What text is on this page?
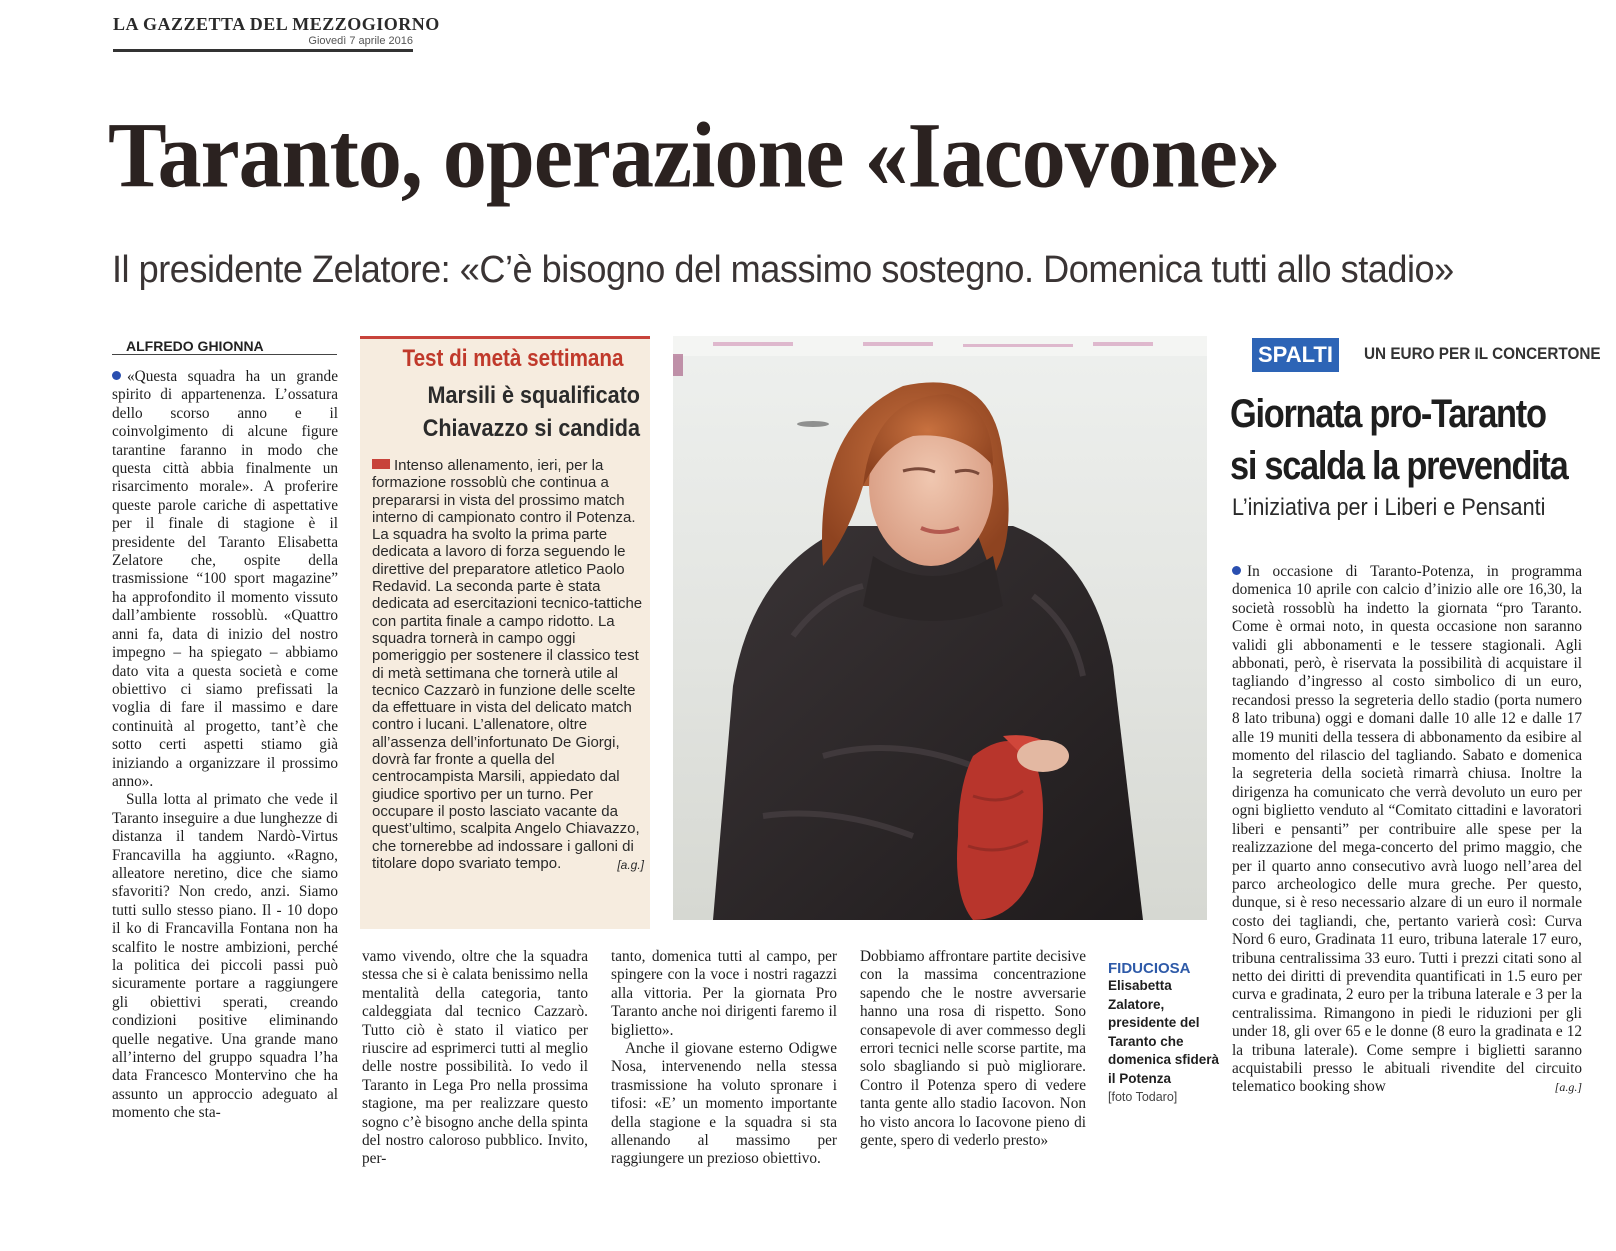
LA GAZZETTA DEL MEZZOGIORNO
Giovedì 7 aprile 2016
Taranto, operazione «Iacovone»
Il presidente Zelatore: «C’è bisogno del massimo sostegno. Domenica tutti allo stadio»
ALFREDO GHIONNA

«Questa squadra ha un grande spirito di appartenenza. L’ossatura dello scorso anno e il coinvolgimento di alcune figure tarantine faranno in modo che questa città abbia finalmente un risarcimento morale». A proferire queste parole cariche di aspettative per il finale di stagione è il presidente del Taranto Elisabetta Zelatore che, ospite della trasmissione “100 sport magazine” ha approfondito il momento vissuto dall’ambiente rossoblù. «Quattro anni fa, data di inizio del nostro impegno – ha spiegato – abbiamo dato vita a questa società e come obiettivo ci siamo prefissati la voglia di fare il massimo e dare continuità al progetto, tant’è che sotto certi aspetti stiamo già iniziando a organizzare il prossimo anno».

Sulla lotta al primato che vede il Taranto inseguire a due lunghezze di distanza il tandem Nardò-Virtus Francavilla ha aggiunto. «Ragno, alleatore neretino, dice che siamo sfavoriti? Non credo, anzi. Siamo tutti sullo stesso piano. Il - 10 dopo il ko di Francavilla Fontana non ha scalfito le nostre ambizioni, perché la politica dei piccoli passi può sicuramente portare a raggiungere gli obiettivi sperati, creando condizioni positive eliminando quelle negative. Una grande mano all’interno del gruppo squadra l’ha data Francesco Montervino che ha assunto un approccio adeguato al momento che sta-

vamo vivendo, oltre che la squadra stessa che si è calata benissimo nella mentalità della categoria, tanto caldeggiata dal tecnico Cazzarò. Tutto ciò è stato il viatico per riuscire ad esprimerci tutti al meglio delle nostre possibilità. Io vedo il Taranto in Lega Pro nella prossima stagione, ma per realizzare questo sogno c’è bisogno anche della spinta del nostro caloroso pubblico. Invito, per-

tanto, domenica tutti al campo, per spingere con la voce i nostri ragazzi alla vittoria. Per la giornata Pro Taranto anche noi dirigenti faremo il biglietto».

Anche il giovane esterno Odigwe Nosa, intervenendo nella stessa trasmissione ha voluto spronare i tifosi: «E’ un momento importante della stagione e la squadra si sta allenando al massimo per raggiungere un prezioso obiettivo.

Dobbiamo affrontare partite decisive con la massima concentrazione sapendo che le nostre avversarie hanno una rosa di rispetto. Sono consapevole di aver commesso degli errori tecnici nelle scorse partite, ma solo sbagliando si può migliorare. Contro il Potenza spero di vedere tanta gente allo stadio Iacovon. Non ho visto ancora lo Iacovone pieno di gente, spero di vederlo presto»

Test di metà settimana
Marsili è squalificato
Chiavazzo si candida
Intenso allenamento, ieri, per la formazione rossoblù che continua a prepararsi in vista del prossimo match interno di campionato contro il Potenza. La squadra ha svolto la prima parte dedicata a lavoro di forza seguendo le direttive del preparatore atletico Paolo Redavid. La seconda parte è stata dedicata ad esercitazioni tecnico-tattiche con partita finale a campo ridotto. La squadra tornerà in campo oggi pomeriggio per sostenere il classico test di metà settimana che tornerà utile al tecnico Cazzarò in funzione delle scelte da effettuare in vista del delicato match contro i lucani. L’allenatore, oltre all’assenza dell’infortunato De Giorgi, dovrà far fronte a quella del centrocampista Marsili, appiedato dal giudice sportivo per un turno. Per occupare il posto lasciato vacante da quest’ultimo, scalpita Angelo Chiavazzo, che tornerebbe ad indossare i galloni di titolare dopo svariato tempo.	[a.g.]
FIDUCIOSA
Elisabetta Zalatore, presidente del Taranto che domenica sfiderà il Potenza
[foto Todaro]
SPALTI	UN EURO PER IL CONCERTONE
Giornata pro-Taranto
si scalda la prevendita
L’iniziativa per i Liberi e Pensanti
In occasione di Taranto-Potenza, in programma domenica 10 aprile con calcio d’inizio alle ore 16,30, la società rossoblù ha indetto la giornata “pro Taranto. Come è ormai noto, in questa occasione non saranno validi gli abbonamenti e le tessere stagionali. Agli abbonati, però, è riservata la possibilità di acquistare il tagliando d’ingresso al costo simbolico di un euro, recandosi presso la segreteria dello stadio (porta numero 8 lato tribuna) oggi e domani dalle 10 alle 12 e dalle 17 alle 19 muniti della tessera di abbonamento da esibire al momento del rilascio del tagliando. Sabato e domenica la segreteria della società rimarrà chiusa. Inoltre la dirigenza ha comunicato che verrà devoluto un euro per ogni biglietto venduto al “Comitato cittadini e lavoratori liberi e pensanti” per contribuire alle spese per la realizzazione del mega-concerto del primo maggio, che per il quarto anno consecutivo avrà luogo nell’area del parco archeologico delle mura greche. Per questo, dunque, si è reso necessario alzare di un euro il normale costo dei tagliandi, che, pertanto varierà così: Curva Nord 6 euro, Gradinata 11 euro, tribuna laterale 17 euro, tribuna centralissima 33 euro. Tutti i prezzi citati sono al netto dei diritti di prevendita quantificati in 1.5 euro per curva e gradinata, 2 euro per la tribuna laterale e 3 per la centralissima. Rimangono in piedi le riduzioni per gli under 18, gli over 65 e le donne (8 euro la gradinata e 12 la tribuna laterale). Come sempre i biglietti saranno acquistabili presso le abituali rivendite del circuito telematico booking show	[a.g.]
